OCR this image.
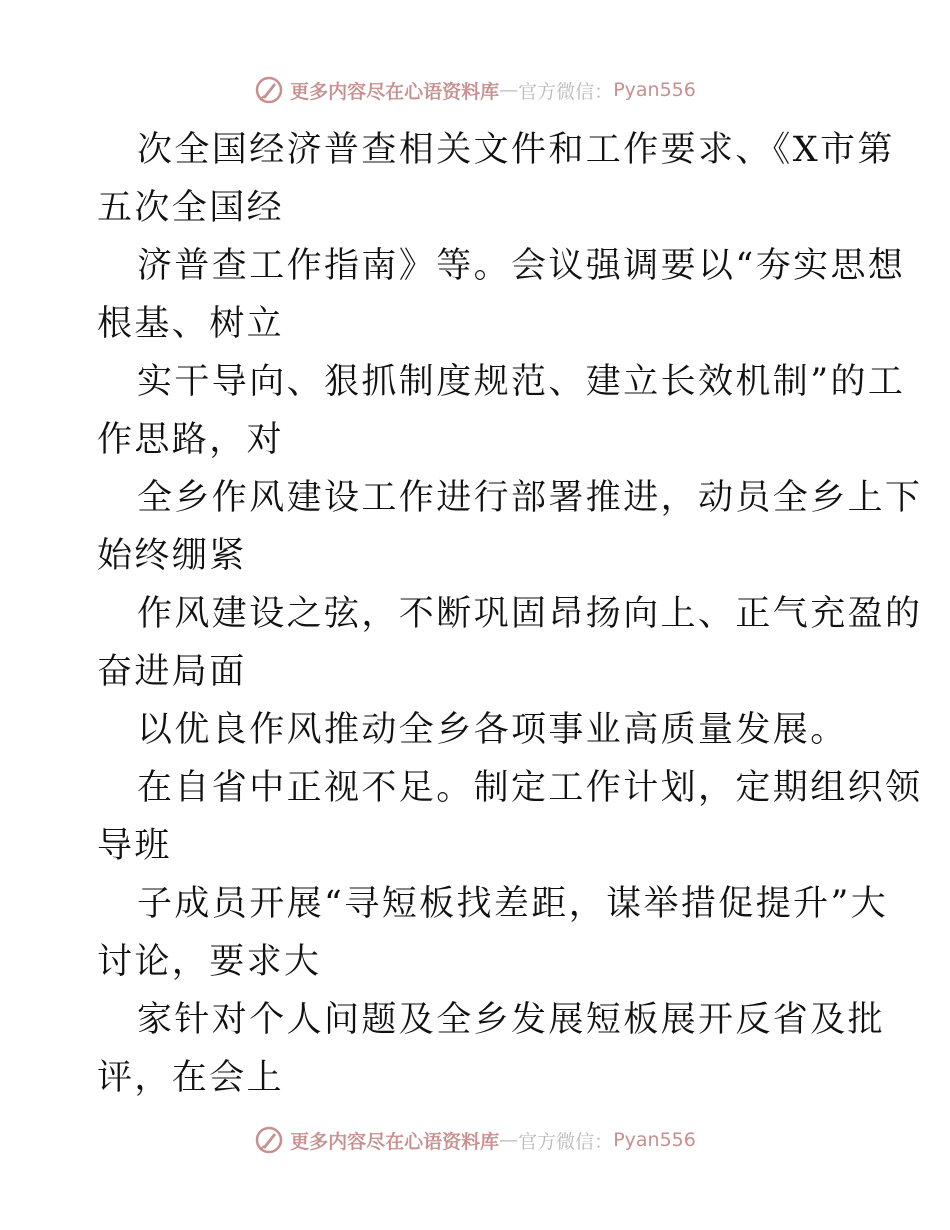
更多内容尽在心语资料库 — 官方微信： Pyan556

次全国经济普查相关文件和工作要求、《X市第

五次全国经

济普查工作指南》等。会议强调要以“夯实思想

根基、树立

实干导向、狠抓制度规范、建立长效机制”的工

作思路，对

全乡作风建设工作进行部署推进，动员全乡上下

始终绷紧

作风建设之弦，不断巩固昂扬向上、正气充盈的

奋进局面

以优良作风推动全乡各项事业高质量发展。

在自省中正视不足。制定工作计划，定期组织领

导班

子成员开展“寻短板找差距，谋举措促提升”大

讨论，要求大

家针对个人问题及全乡发展短板展开反省及批

评，在会上

更多内容尽在心语资料库 — 官方微信： Pyan556
